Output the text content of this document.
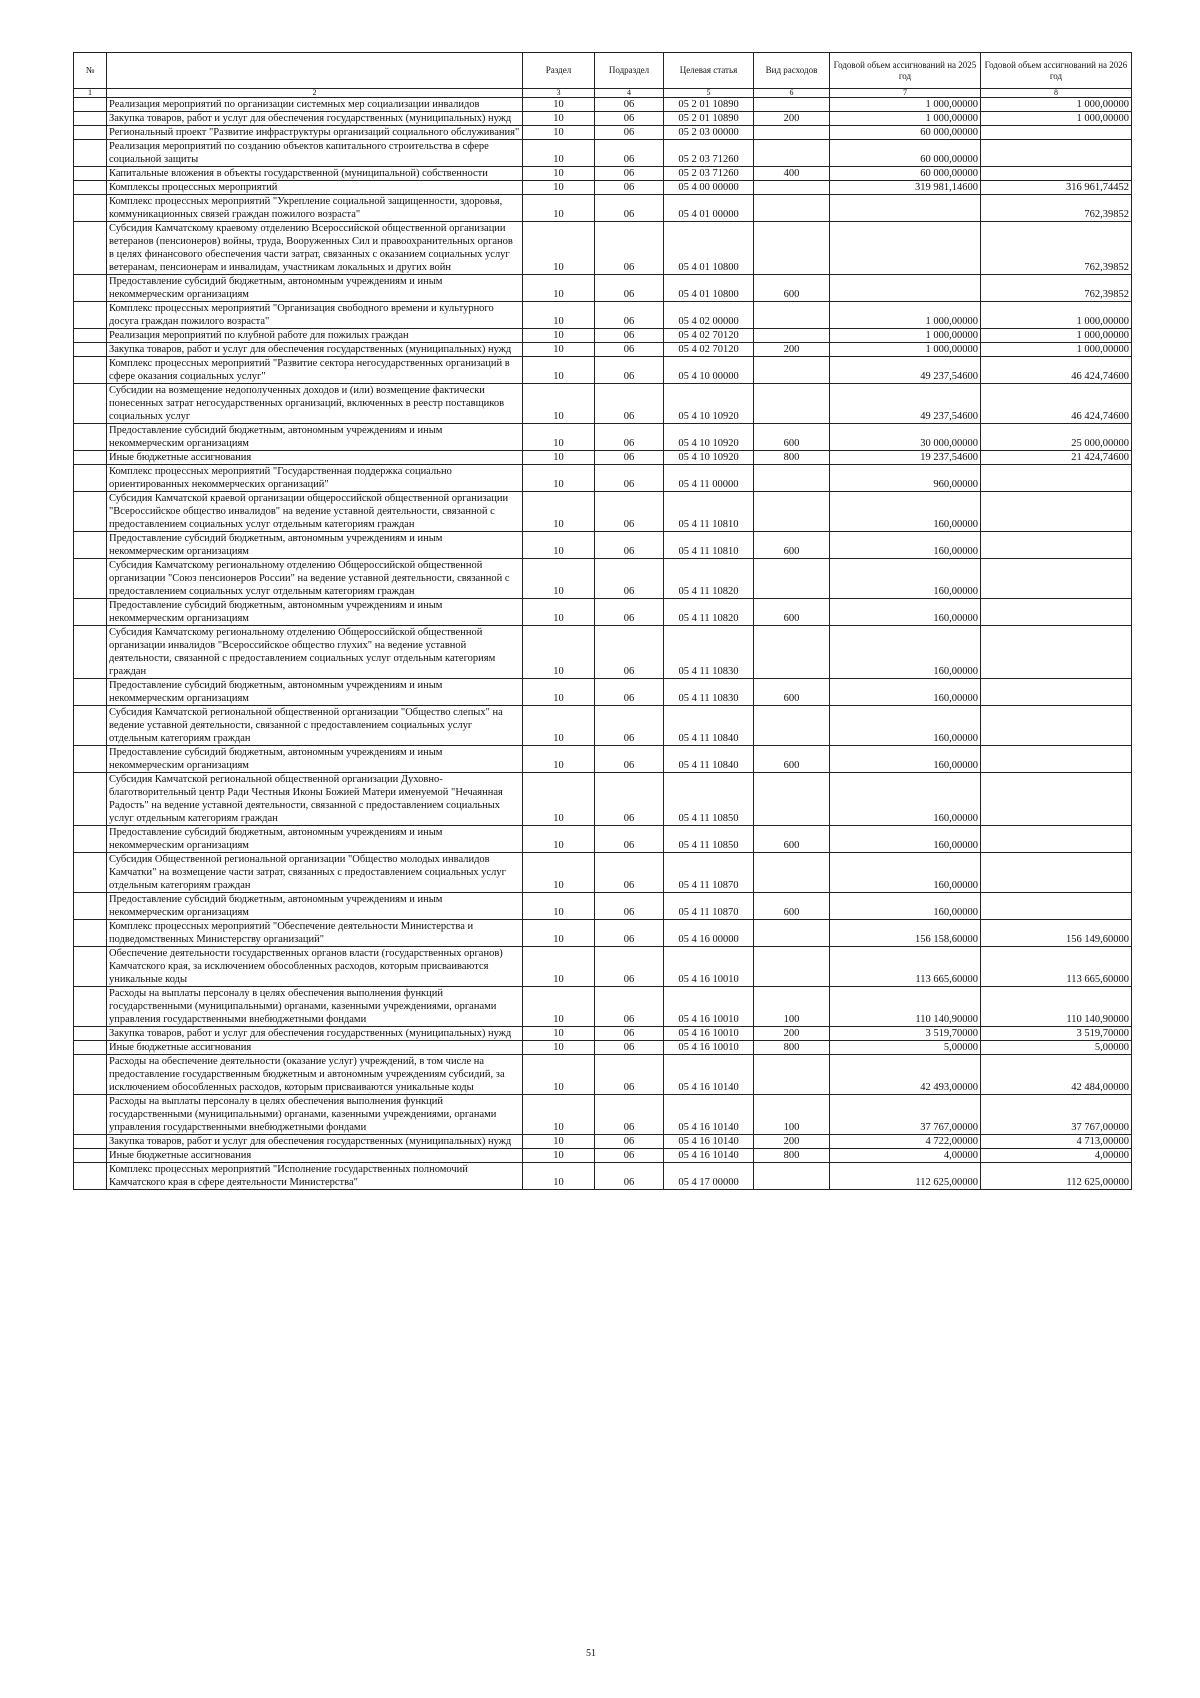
№		Раздел	Подраздел	Целевая статья	Вид расходов	Годовой объем ассигнований на 2025 год	Годовой объем ассигнований на 2026 год
1	2	3	4	5	6	7	8
	Реализация мероприятий по организации системных мер социализации инвалидов	10	06	05 2 01 10890		1 000,00000	1 000,00000
	Закупка товаров, работ и услуг для обеспечения государственных (муниципальных) нужд	10	06	05 2 01 10890	200	1 000,00000	1 000,00000
	Региональный проект "Развитие инфраструктуры организаций социального обслуживания"	10	06	05 2 03 00000		60 000,00000	
	Реализация мероприятий по созданию объектов капитального строительства в сфере социальной защиты	10	06	05 2 03 71260		60 000,00000	
	Капитальные вложения в объекты государственной (муниципальной) собственности	10	06	05 2 03 71260	400	60 000,00000	
	Комплексы процессных мероприятий	10	06	05 4 00 00000		319 981,14600	316 961,74452
	Комплекс процессных мероприятий "Укрепление социальной защищенности, здоровья, коммуникационных связей граждан пожилого возраста"	10	06	05 4 01 00000			762,39852
	Субсидия Камчатскому краевому отделению Всероссийской общественной организации ветеранов (пенсионеров) войны, труда, Вооруженных Сил и правоохранительных органов в целях финансового обеспечения части затрат, связанных с оказанием социальных услуг ветеранам, пенсионерам и инвалидам, участникам локальных и других войн	10	06	05 4 01 10800			762,39852
	Предоставление субсидий бюджетным, автономным учреждениям и иным некоммерческим организациям	10	06	05 4 01 10800	600		762,39852
	Комплекс процессных мероприятий "Организация свободного времени и культурного досуга граждан пожилого возраста"	10	06	05 4 02 00000		1 000,00000	1 000,00000
	Реализация мероприятий по клубной работе для пожилых граждан	10	06	05 4 02 70120		1 000,00000	1 000,00000
	Закупка товаров, работ и услуг для обеспечения государственных (муниципальных) нужд	10	06	05 4 02 70120	200	1 000,00000	1 000,00000
	Комплекс процессных мероприятий "Развитие сектора негосударственных организаций в сфере оказания социальных услуг"	10	06	05 4 10 00000		49 237,54600	46 424,74600
	Субсидии на возмещение недополученных доходов и (или) возмещение фактически понесенных затрат негосударственных организаций, включенных в реестр поставщиков социальных услуг	10	06	05 4 10 10920		49 237,54600	46 424,74600
	Предоставление субсидий бюджетным, автономным учреждениям и иным некоммерческим организациям	10	06	05 4 10 10920	600	30 000,00000	25 000,00000
	Иные бюджетные ассигнования	10	06	05 4 10 10920	800	19 237,54600	21 424,74600
	Комплекс процессных мероприятий "Государственная поддержка социально ориентированных некоммерческих организаций"	10	06	05 4 11 00000		960,00000	
	Субсидия Камчатской краевой организации общероссийской общественной организации "Всероссийское общество инвалидов" на ведение уставной деятельности, связанной с предоставлением социальных услуг отдельным категориям граждан	10	06	05 4 11 10810		160,00000	
	Предоставление субсидий бюджетным, автономным учреждениям и иным некоммерческим организациям	10	06	05 4 11 10810	600	160,00000	
	Субсидия Камчатскому региональному отделению Общероссийской общественной организации "Союз пенсионеров России" на ведение уставной деятельности, связанной с предоставлением социальных услуг отдельным категориям граждан	10	06	05 4 11 10820		160,00000	
	Предоставление субсидий бюджетным, автономным учреждениям и иным некоммерческим организациям	10	06	05 4 11 10820	600	160,00000	
	Субсидия Камчатскому региональному отделению Общероссийской общественной организации инвалидов "Всероссийское общество глухих" на ведение уставной деятельности, связанной с предоставлением социальных услуг отдельным категориям граждан	10	06	05 4 11 10830		160,00000	
	Предоставление субсидий бюджетным, автономным учреждениям и иным некоммерческим организациям	10	06	05 4 11 10830	600	160,00000	
	Субсидия Камчатской региональной общественной организации "Общество слепых" на ведение уставной деятельности, связанной с предоставлением социальных услуг отдельным категориям граждан	10	06	05 4 11 10840		160,00000	
	Предоставление субсидий бюджетным, автономным учреждениям и иным некоммерческим организациям	10	06	05 4 11 10840	600	160,00000	
	Субсидия Камчатской региональной общественной организации Духовно-благотворительный центр Ради Честныя Иконы Божией Матери именуемой "Нечаянная Радость" на ведение уставной деятельности, связанной с предоставлением социальных услуг отдельным категориям граждан	10	06	05 4 11 10850		160,00000	
	Предоставление субсидий бюджетным, автономным учреждениям и иным некоммерческим организациям	10	06	05 4 11 10850	600	160,00000	
	Субсидия Общественной региональной организации "Общество молодых инвалидов Камчатки" на возмещение части затрат, связанных с предоставлением социальных услуг отдельным категориям граждан	10	06	05 4 11 10870		160,00000	
	Предоставление субсидий бюджетным, автономным учреждениям и иным некоммерческим организациям	10	06	05 4 11 10870	600	160,00000	
	Комплекс процессных мероприятий "Обеспечение деятельности Министерства и подведомственных Министерству организаций"	10	06	05 4 16 00000		156 158,60000	156 149,60000
	Обеспечение деятельности государственных органов власти (государственных органов) Камчатского края, за исключением обособленных расходов, которым присваиваются уникальные коды	10	06	05 4 16 10010		113 665,60000	113 665,60000
	Расходы на выплаты персоналу в целях обеспечения выполнения функций государственными (муниципальными) органами, казенными учреждениями, органами управления государственными внебюджетными фондами	10	06	05 4 16 10010	100	110 140,90000	110 140,90000
	Закупка товаров, работ и услуг для обеспечения государственных (муниципальных) нужд	10	06	05 4 16 10010	200	3 519,70000	3 519,70000
	Иные бюджетные ассигнования	10	06	05 4 16 10010	800	5,00000	5,00000
	Расходы на обеспечение деятельности (оказание услуг) учреждений, в том числе на предоставление государственным бюджетным и автономным учреждениям субсидий, за исключением обособленных расходов, которым присваиваются уникальные коды	10	06	05 4 16 10140		42 493,00000	42 484,00000
	Расходы на выплаты персоналу в целях обеспечения выполнения функций государственными (муниципальными) органами, казенными учреждениями, органами управления государственными внебюджетными фондами	10	06	05 4 16 10140	100	37 767,00000	37 767,00000
	Закупка товаров, работ и услуг для обеспечения государственных (муниципальных) нужд	10	06	05 4 16 10140	200	4 722,00000	4 713,00000
	Иные бюджетные ассигнования	10	06	05 4 16 10140	800	4,00000	4,00000
	Комплекс процессных мероприятий "Исполнение государственных полномочий Камчатского края в сфере деятельности Министерства"	10	06	05 4 17 00000		112 625,00000	112 625,00000
51
